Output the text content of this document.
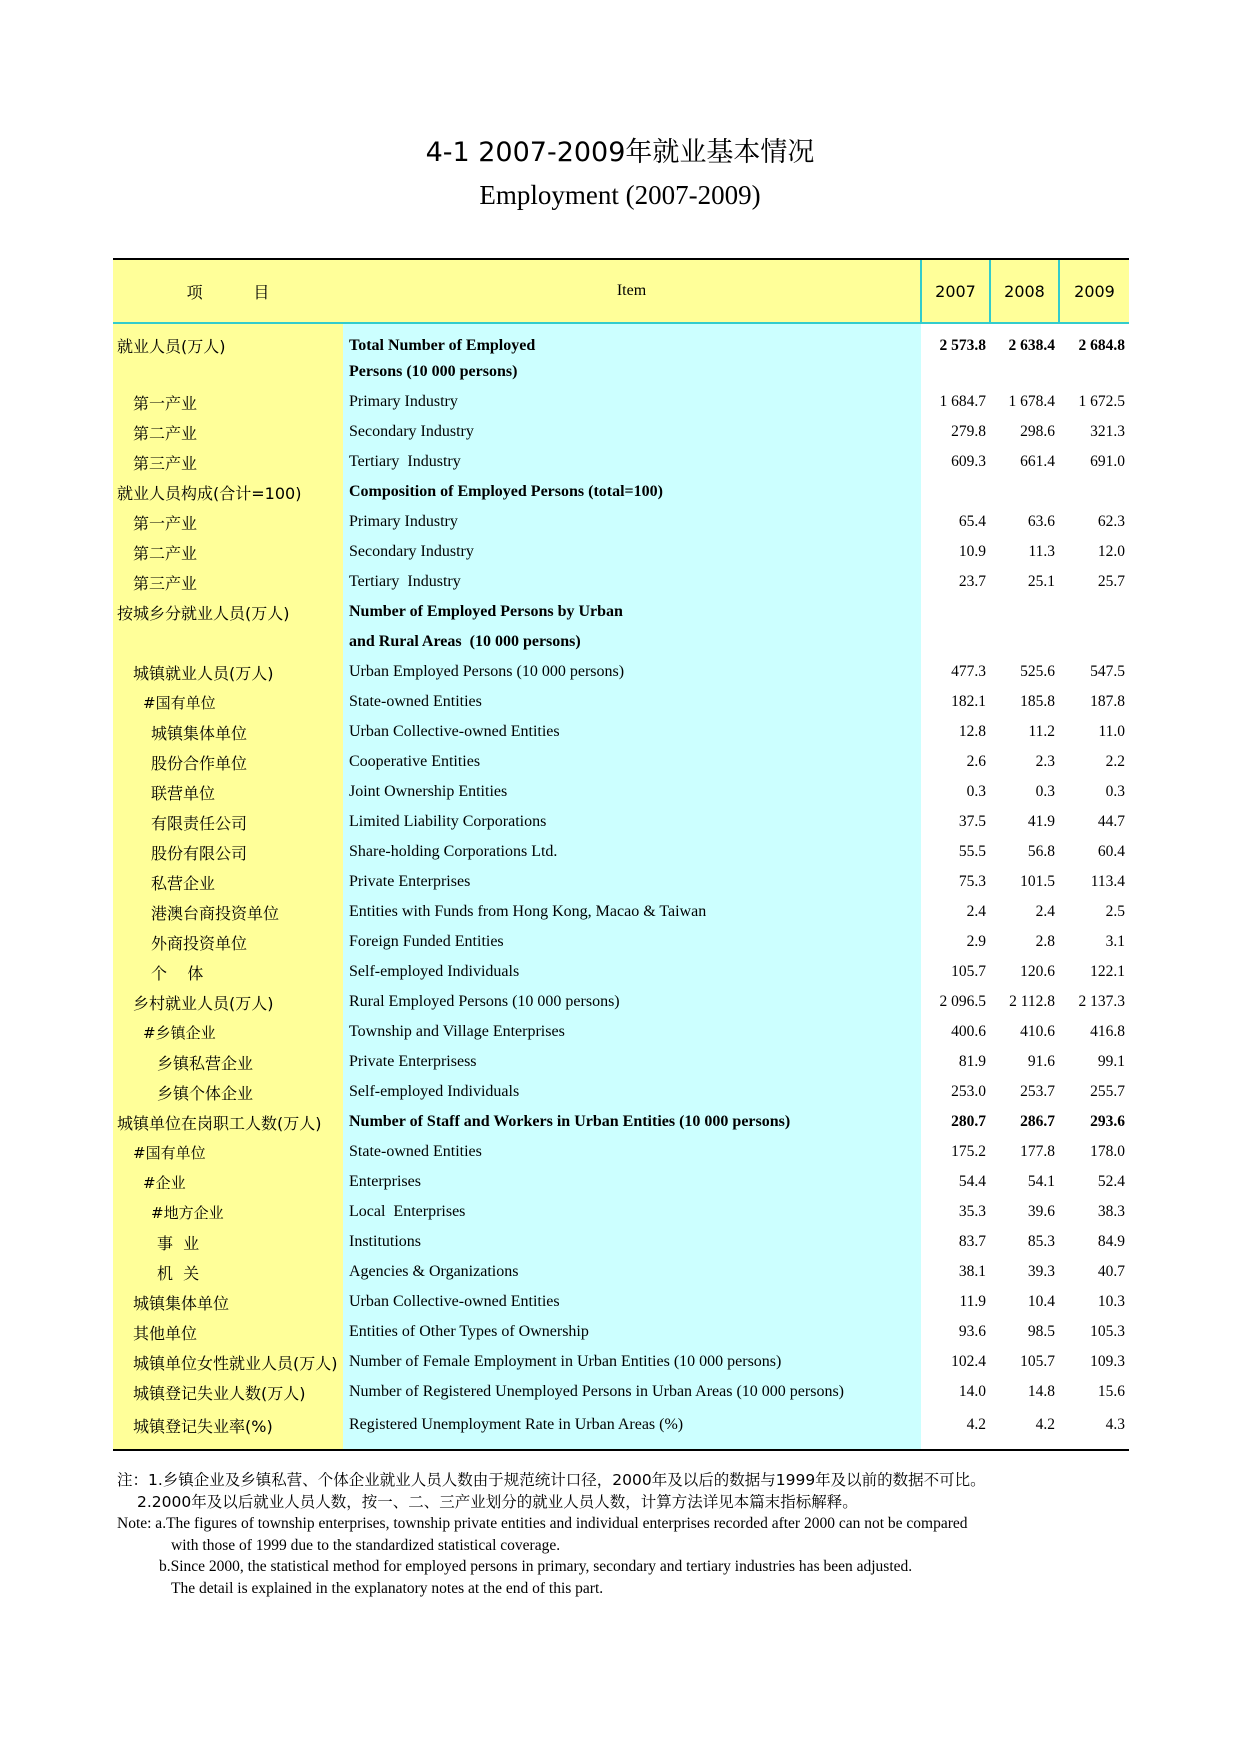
4-1 2007-2009年就业基本情况
Employment (2007-2009)
项          目	Item	2007	2008	2009
就业人员(万人)	Total Number of Employed	2 573.8	2 638.4	2 684.8
	Persons (10 000 persons)			
第一产业	Primary Industry	1 684.7	1 678.4	1 672.5
第二产业	Secondary Industry	279.8	298.6	321.3
第三产业	Tertiary  Industry	609.3	661.4	691.0
就业人员构成(合计=100)	Composition of Employed Persons (total=100)			
第一产业	Primary Industry	65.4	63.6	62.3
第二产业	Secondary Industry	10.9	11.3	12.0
第三产业	Tertiary  Industry	23.7	25.1	25.7
按城乡分就业人员(万人)	Number of Employed Persons by Urban			
	and Rural Areas  (10 000 persons)			
城镇就业人员(万人)	Urban Employed Persons (10 000 persons)	477.3	525.6	547.5
#国有单位	State-owned Entities	182.1	185.8	187.8
城镇集体单位	Urban Collective-owned Entities	12.8	11.2	11.0
股份合作单位	Cooperative Entities	2.6	2.3	2.2
联营单位	Joint Ownership Entities	0.3	0.3	0.3
有限责任公司	Limited Liability Corporations	37.5	41.9	44.7
股份有限公司	Share-holding Corporations Ltd.	55.5	56.8	60.4
私营企业	Private Enterprises	75.3	101.5	113.4
港澳台商投资单位	Entities with Funds from Hong Kong, Macao & Taiwan	2.4	2.4	2.5
外商投资单位	Foreign Funded Entities	2.9	2.8	3.1
个    体	Self-employed Individuals	105.7	120.6	122.1
乡村就业人员(万人)	Rural Employed Persons (10 000 persons)	2 096.5	2 112.8	2 137.3
#乡镇企业	Township and Village Enterprises	400.6	410.6	416.8
乡镇私营企业	Private Enterprisess	81.9	91.6	99.1
乡镇个体企业	Self-employed Individuals	253.0	253.7	255.7
城镇单位在岗职工人数(万人)	Number of Staff and Workers in Urban Entities (10 000 persons)	280.7	286.7	293.6
#国有单位	State-owned Entities	175.2	177.8	178.0
#企业	Enterprises	54.4	54.1	52.4
#地方企业	Local  Enterprises	35.3	39.6	38.3
事  业	Institutions	83.7	85.3	84.9
机  关	Agencies & Organizations	38.1	39.3	40.7
城镇集体单位	Urban Collective-owned Entities	11.9	10.4	10.3
其他单位	Entities of Other Types of Ownership	93.6	98.5	105.3
城镇单位女性就业人员(万人)	Number of Female Employment in Urban Entities (10 000 persons)	102.4	105.7	109.3
城镇登记失业人数(万人)	Number of Registered Unemployed Persons in Urban Areas (10 000 persons)	14.0	14.8	15.6
城镇登记失业率(%)	Registered Unemployment Rate in Urban Areas (%)	4.2	4.2	4.3
注：1.乡镇企业及乡镇私营、个体企业就业人员人数由于规范统计口径，2000年及以后的数据与1999年及以前的数据不可比。
2.2000年及以后就业人员人数，按一、二、三产业划分的就业人员人数，计算方法详见本篇末指标解释。
Note: a.The figures of township enterprises, township private entities and individual enterprises recorded after 2000 can not be compared
with those of 1999 due to the standardized statistical coverage.
b.Since 2000, the statistical method for employed persons in primary, secondary and tertiary industries has been adjusted.
The detail is explained in the explanatory notes at the end of this part.
